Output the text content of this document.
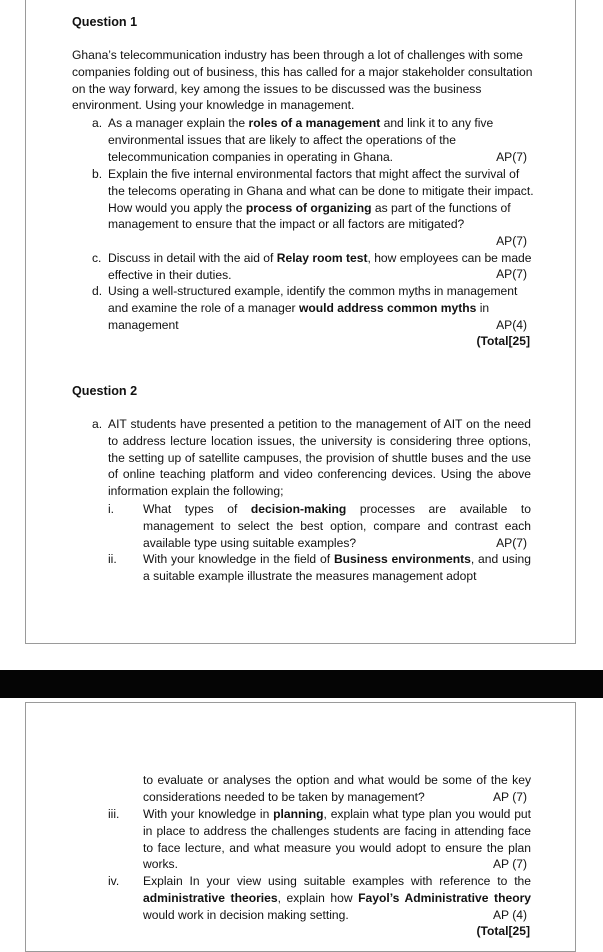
Question 1
Ghana’s telecommunication industry has been through a lot of challenges with some companies folding out of business, this has called for a major stakeholder consultation on the way forward, key among the issues to be discussed was the business environment. Using your knowledge in management.
a. As a manager explain the roles of a management and link it to any five environmental issues that are likely to affect the operations of the telecommunication companies in operating in Ghana.	AP(7)
b. Explain the five internal environmental factors that might affect the survival of the telecoms operating in Ghana and what can be done to mitigate their impact. How would you apply the process of organizing as part of the functions of management to ensure that the impact or all factors are mitigated?
AP(7)
c. Discuss in detail with the aid of Relay room test, how employees can be made effective in their duties.	AP(7)
d. Using a well-structured example, identify the common myths in management and examine the role of a manager would address common myths in management	AP(4)
(Total[25]
Question 2
a. AIT students have presented a petition to the management of AIT on the need to address lecture location issues, the university is considering three options, the setting up of satellite campuses, the provision of shuttle buses and the use of online teaching platform and video conferencing devices. Using the above information explain the following;
i. What types of decision-making processes are available to management to select the best option, compare and contrast each available type using suitable examples?	AP(7)
ii. With your knowledge in the field of Business environments, and using a suitable example illustrate the measures management adopt
to evaluate or analyses the option and what would be some of the key considerations needed to be taken by management?	AP (7)
iii. With your knowledge in planning, explain what type plan you would put in place to address the challenges students are facing in attending face to face lecture, and what measure you would adopt to ensure the plan works.	AP (7)
iv. Explain In your view using suitable examples with reference to the administrative theories, explain how Fayol’s Administrative theory would work in decision making setting.	AP (4)
(Total[25]
